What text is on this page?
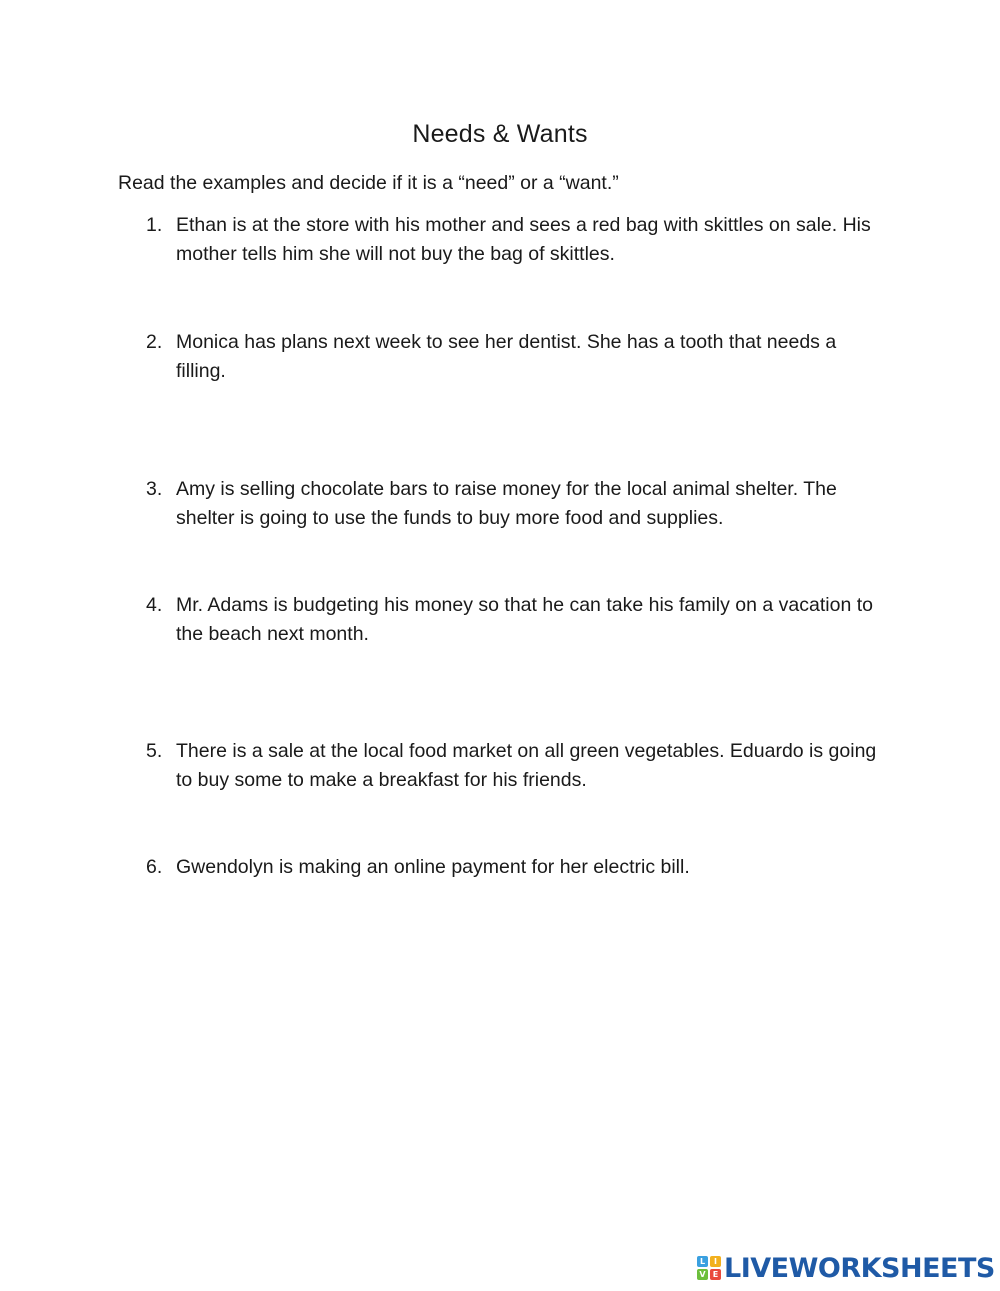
Needs & Wants
Read the examples and decide if it is a “need” or a “want.”
1. Ethan is at the store with his mother and sees a red bag with skittles on sale. His mother tells him she will not buy the bag of skittles.
2. Monica has plans next week to see her dentist. She has a tooth that needs a filling.
3. Amy is selling chocolate bars to raise money for the local animal shelter. The shelter is going to use the funds to buy more food and supplies.
4. Mr. Adams is budgeting his money so that he can take his family on a vacation to the beach next month.
5. There is a sale at the local food market on all green vegetables. Eduardo is going to buy some to make a breakfast for his friends.
6. Gwendolyn is making an online payment for her electric bill.
L	I
V E LIVEWORKSHEETS
